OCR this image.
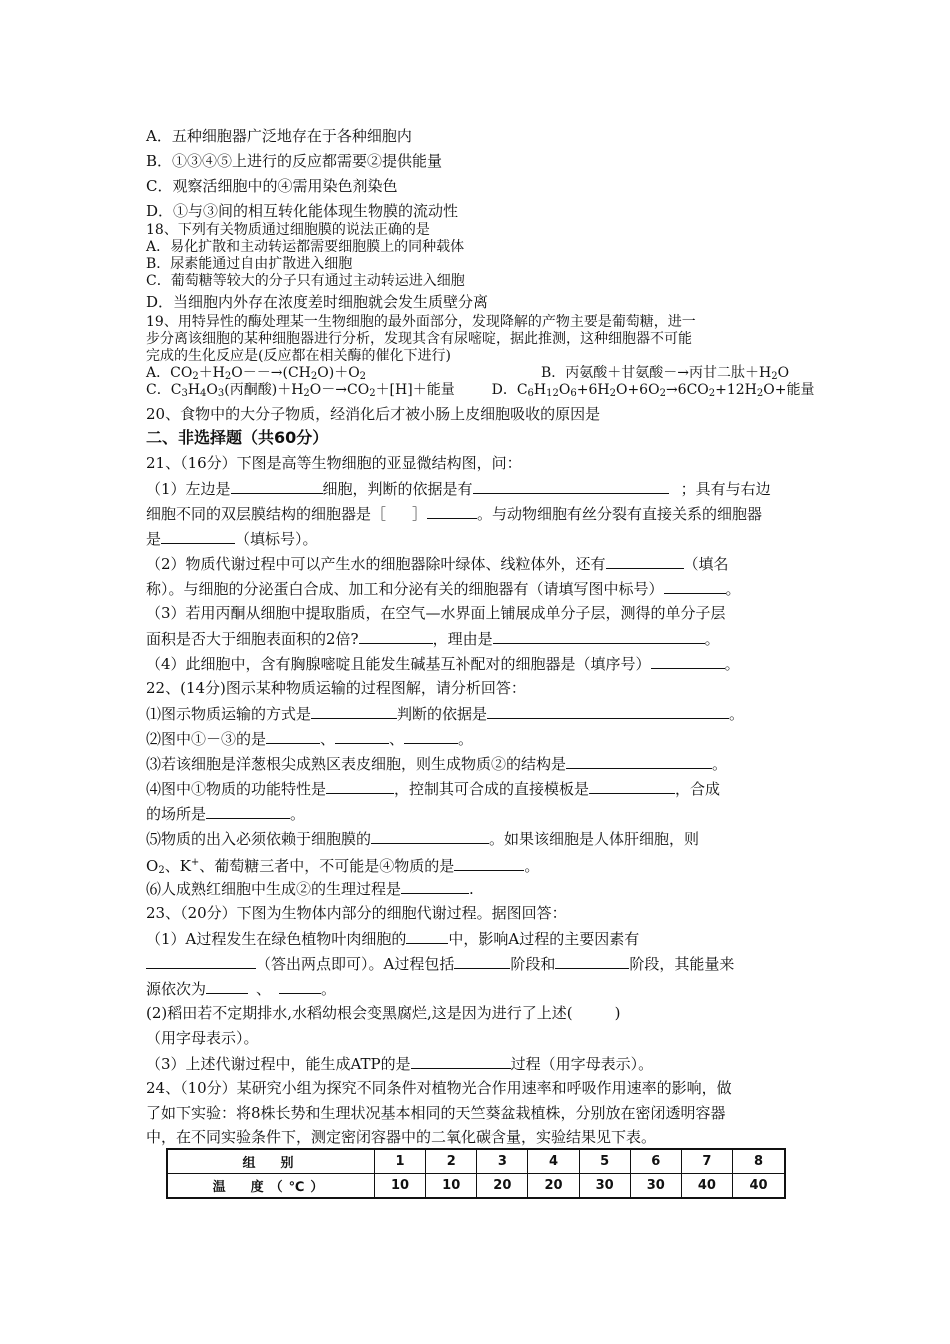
A．五种细胞器广泛地存在于各种细胞内
B．①③④⑤上进行的反应都需要②提供能量
C．观察活细胞中的④需用染色剂染色
D．①与③间的相互转化能体现生物膜的流动性
18、下列有关物质通过细胞膜的说法正确的是
A．易化扩散和主动转运都需要细胞膜上的同种载体
B．尿素能通过自由扩散进入细胞
C．葡萄糖等较大的分子只有通过主动转运进入细胞
D．当细胞内外存在浓度差时细胞就会发生质壁分离
19、用特异性的酶处理某一生物细胞的最外面部分，发现降解的产物主要是葡萄糖，进一
步分离该细胞的某种细胞器进行分析，发现其含有尿嘧啶，据此推测，这种细胞器不可能
完成的生化反应是(反应都在相关酶的催化下进行)
A．$CO_2+H_2O--\to(CH_2O)+O_2$	B．丙氨酸＋甘氨酸－→丙甘二肽$+H_2O$
C．$C_3H_4O_3$(丙酮酸)$+H_2O-\to CO_2+[H]+$能量	D．$C_6H_{12}O_6+6H_2O+6O_2\to 6CO_2+12H_2O+$能量
20、食物中的大分子物质，经消化后才被小肠上皮细胞吸收的原因是
二、非选择题（共60分）
21、（16分）下图是高等生物细胞的亚显微结构图，问：
（1）左边是	细胞，判断的依据是有	；具有与右边
细胞不同的双层膜结构的细胞器是［ ］	。与动物细胞有丝分裂有直接关系的细胞器
是	（填标号）。
（2）物质代谢过程中可以产生水的细胞器除叶绿体、线粒体外，还有	（填名
称）。与细胞的分泌蛋白合成、加工和分泌有关的细胞器有（请填写图中标号）	。
（3）若用丙酮从细胞中提取脂质，在空气—水界面上铺展成单分子层，测得的单分子层
面积是否大于细胞表面积的2倍?	，理由是	。
（4）此细胞中，含有胸腺嘧啶且能发生碱基互补配对的细胞器是（填序号）	。
22、(14分)图示某种物质运输的过程图解，请分析回答：
⑴图示物质运输的方式是	判断的依据是	。
⑵图中①－③的是	、	、	。
⑶若该细胞是洋葱根尖成熟区表皮细胞，则生成物质②的结构是	。
⑷图中①物质的功能特性是	，控制其可合成的直接模板是	，合成
的场所是	。
⑸物质的出入必须依赖于细胞膜的	。如果该细胞是人体肝细胞，则
$O_2$、K+、葡萄糖三者中，不可能是④物质的是	。
⑹人成熟红细胞中生成②的生理过程是	.
23、（20分）下图为生物体内部分的细胞代谢过程。据图回答：
（1）A过程发生在绿色植物叶肉细胞的	中，影响A过程的主要因素有
（答出两点即可）。A过程包括	阶段和	阶段，其能量来
源依次为	、	。
(2)稻田若不定期排水,水稻幼根会变黑腐烂,这是因为进行了上述(	)
（用字母表示）。
（3）上述代谢过程中，能生成ATP的是	过程（用字母表示）。
24、（10分）某研究小组为探究不同条件对植物光合作用速率和呼吸作用速率的影响，做
了如下实验：将8株长势和生理状况基本相同的天竺葵盆栽植株，分别放在密闭透明容器
中，在不同实验条件下，测定密闭容器中的二氧化碳含量，实验结果见下表。
组　别	1	2	3	4	5	6	7	8
温　度（℃）	10	10	20	20	30	30	40	40
